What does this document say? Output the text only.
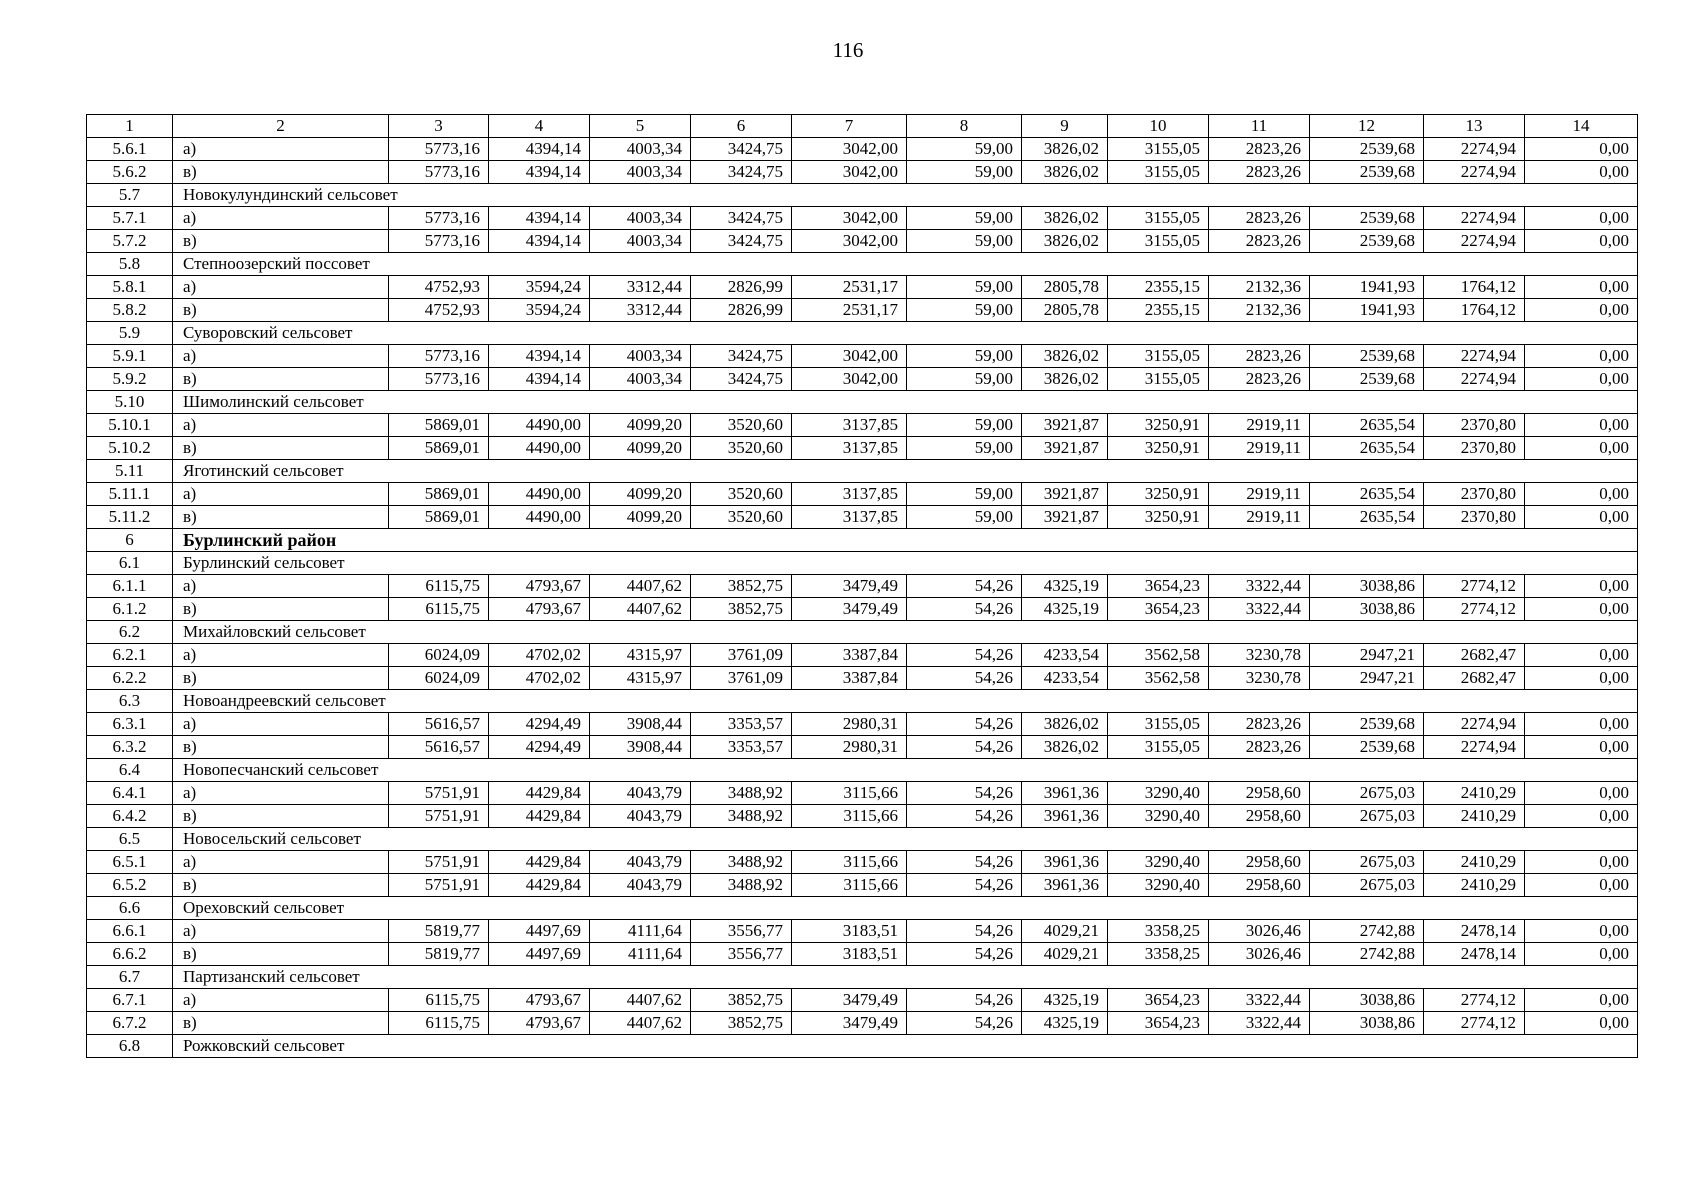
116
1	2	3	4	5	6	7	8	9	10	11	12	13	14
5.6.1	а)	5773,16	4394,14	4003,34	3424,75	3042,00	59,00	3826,02	3155,05	2823,26	2539,68	2274,94	0,00
5.6.2	в)	5773,16	4394,14	4003,34	3424,75	3042,00	59,00	3826,02	3155,05	2823,26	2539,68	2274,94	0,00
5.7	Новокулундинский сельсовет												
5.7.1	а)	5773,16	4394,14	4003,34	3424,75	3042,00	59,00	3826,02	3155,05	2823,26	2539,68	2274,94	0,00
5.7.2	в)	5773,16	4394,14	4003,34	3424,75	3042,00	59,00	3826,02	3155,05	2823,26	2539,68	2274,94	0,00
5.8	Степноозерский поссовет												
5.8.1	а)	4752,93	3594,24	3312,44	2826,99	2531,17	59,00	2805,78	2355,15	2132,36	1941,93	1764,12	0,00
5.8.2	в)	4752,93	3594,24	3312,44	2826,99	2531,17	59,00	2805,78	2355,15	2132,36	1941,93	1764,12	0,00
5.9	Суворовский сельсовет												
5.9.1	а)	5773,16	4394,14	4003,34	3424,75	3042,00	59,00	3826,02	3155,05	2823,26	2539,68	2274,94	0,00
5.9.2	в)	5773,16	4394,14	4003,34	3424,75	3042,00	59,00	3826,02	3155,05	2823,26	2539,68	2274,94	0,00
5.10	Шимолинский сельсовет												
5.10.1	а)	5869,01	4490,00	4099,20	3520,60	3137,85	59,00	3921,87	3250,91	2919,11	2635,54	2370,80	0,00
5.10.2	в)	5869,01	4490,00	4099,20	3520,60	3137,85	59,00	3921,87	3250,91	2919,11	2635,54	2370,80	0,00
5.11	Яготинский сельсовет												
5.11.1	а)	5869,01	4490,00	4099,20	3520,60	3137,85	59,00	3921,87	3250,91	2919,11	2635,54	2370,80	0,00
5.11.2	в)	5869,01	4490,00	4099,20	3520,60	3137,85	59,00	3921,87	3250,91	2919,11	2635,54	2370,80	0,00
6	Бурлинский район												
6.1	Бурлинский сельсовет												
6.1.1	а)	6115,75	4793,67	4407,62	3852,75	3479,49	54,26	4325,19	3654,23	3322,44	3038,86	2774,12	0,00
6.1.2	в)	6115,75	4793,67	4407,62	3852,75	3479,49	54,26	4325,19	3654,23	3322,44	3038,86	2774,12	0,00
6.2	Михайловский сельсовет												
6.2.1	а)	6024,09	4702,02	4315,97	3761,09	3387,84	54,26	4233,54	3562,58	3230,78	2947,21	2682,47	0,00
6.2.2	в)	6024,09	4702,02	4315,97	3761,09	3387,84	54,26	4233,54	3562,58	3230,78	2947,21	2682,47	0,00
6.3	Новоандреевский сельсовет												
6.3.1	а)	5616,57	4294,49	3908,44	3353,57	2980,31	54,26	3826,02	3155,05	2823,26	2539,68	2274,94	0,00
6.3.2	в)	5616,57	4294,49	3908,44	3353,57	2980,31	54,26	3826,02	3155,05	2823,26	2539,68	2274,94	0,00
6.4	Новопесчанский сельсовет												
6.4.1	а)	5751,91	4429,84	4043,79	3488,92	3115,66	54,26	3961,36	3290,40	2958,60	2675,03	2410,29	0,00
6.4.2	в)	5751,91	4429,84	4043,79	3488,92	3115,66	54,26	3961,36	3290,40	2958,60	2675,03	2410,29	0,00
6.5	Новосельский сельсовет												
6.5.1	а)	5751,91	4429,84	4043,79	3488,92	3115,66	54,26	3961,36	3290,40	2958,60	2675,03	2410,29	0,00
6.5.2	в)	5751,91	4429,84	4043,79	3488,92	3115,66	54,26	3961,36	3290,40	2958,60	2675,03	2410,29	0,00
6.6	Ореховский сельсовет												
6.6.1	а)	5819,77	4497,69	4111,64	3556,77	3183,51	54,26	4029,21	3358,25	3026,46	2742,88	2478,14	0,00
6.6.2	в)	5819,77	4497,69	4111,64	3556,77	3183,51	54,26	4029,21	3358,25	3026,46	2742,88	2478,14	0,00
6.7	Партизанский сельсовет												
6.7.1	а)	6115,75	4793,67	4407,62	3852,75	3479,49	54,26	4325,19	3654,23	3322,44	3038,86	2774,12	0,00
6.7.2	в)	6115,75	4793,67	4407,62	3852,75	3479,49	54,26	4325,19	3654,23	3322,44	3038,86	2774,12	0,00
6.8	Рожковский сельсовет												
